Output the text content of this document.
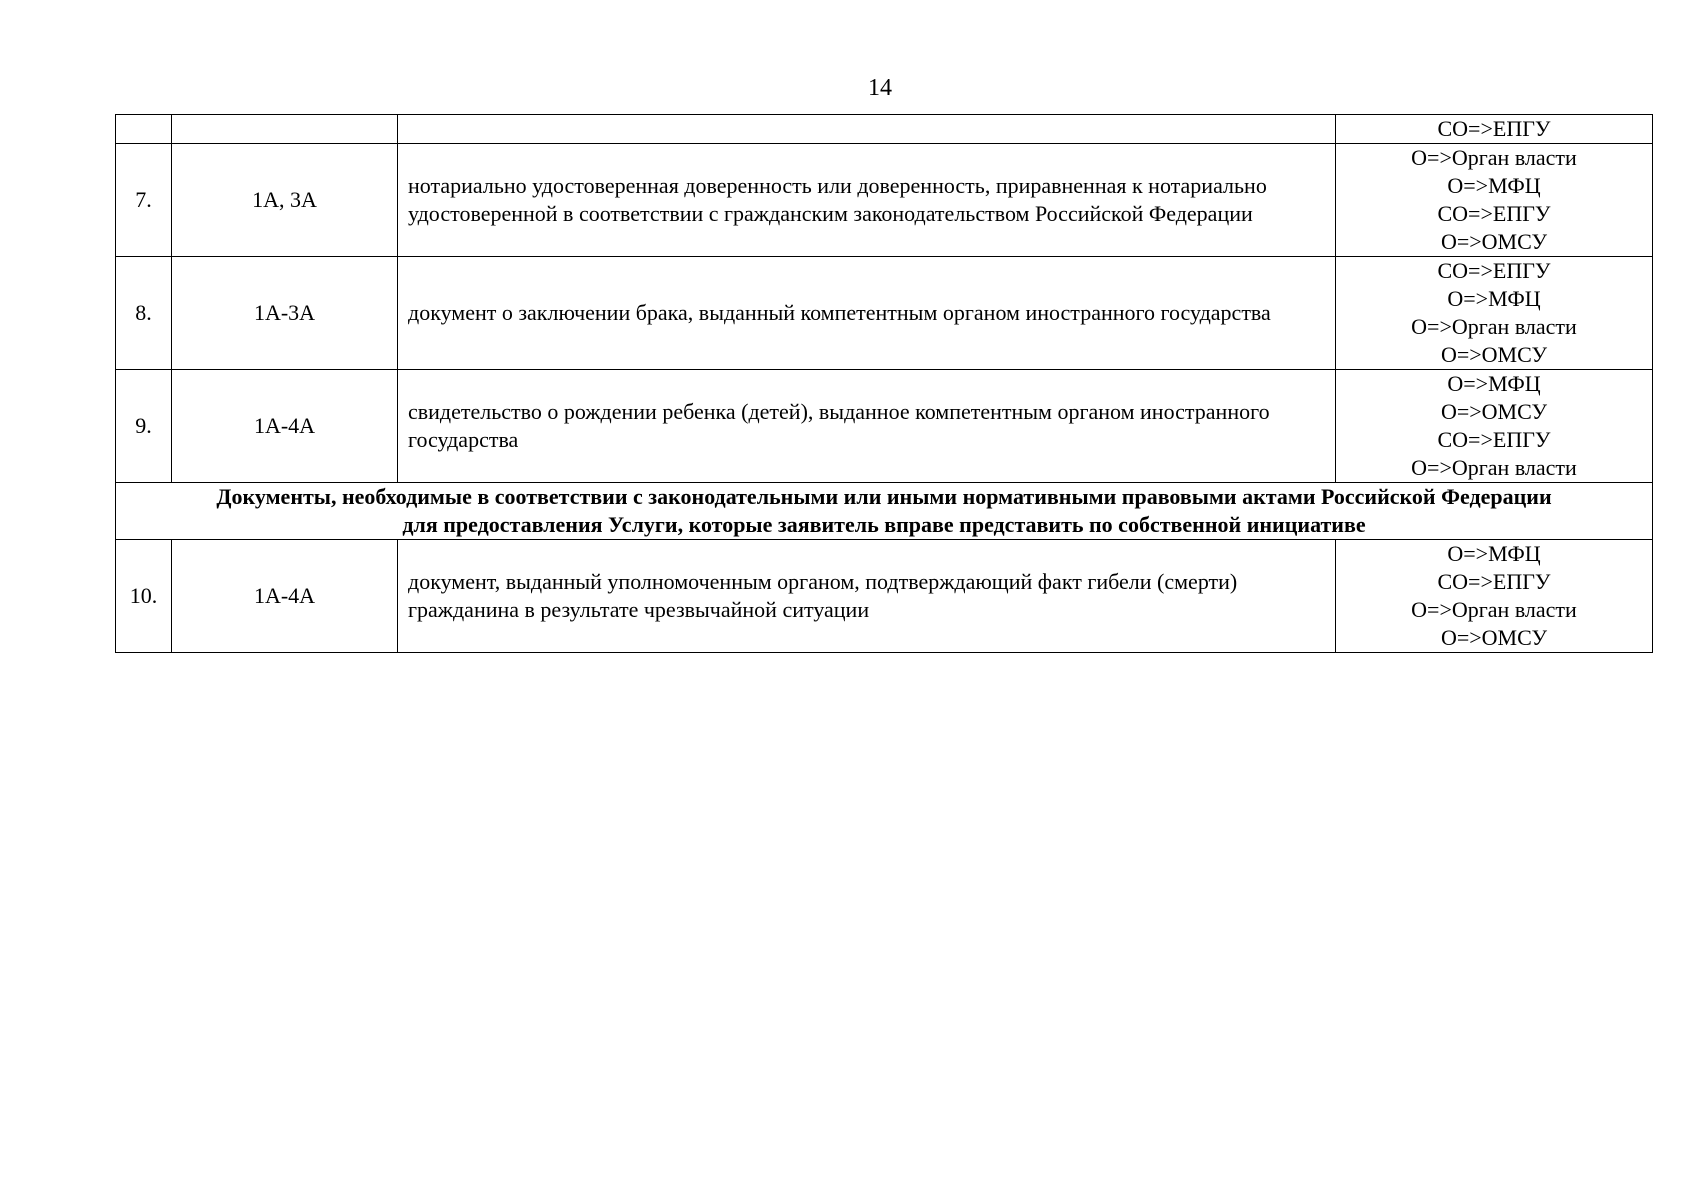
14

			СО=>ЕПГУ

7.	1А, 3А	нотариально удостоверенная доверенность или доверенность, приравненная к нотариально удостоверенной в соответствии с гражданским законодательством Российской Федерации	О=>Орган власти
О=>МФЦ
СО=>ЕПГУ
О=>ОМСУ

8.	1А-3А	документ о заключении брака, выданный компетентным органом иностранного государства	СО=>ЕПГУ
О=>МФЦ
О=>Орган власти
О=>ОМСУ

9.	1А-4А	свидетельство о рождении ребенка (детей), выданное компетентным органом иностранного государства	О=>МФЦ
О=>ОМСУ
СО=>ЕПГУ
О=>Орган власти

Документы, необходимые в соответствии с законодательными или иными нормативными правовыми актами Российской Федерации
для предоставления Услуги, которые заявитель вправе представить по собственной инициативе			

10.	1А-4А	документ, выданный уполномоченным органом, подтверждающий факт гибели (смерти) гражданина в результате чрезвычайной ситуации	О=>МФЦ
СО=>ЕПГУ
О=>Орган власти
О=>ОМСУ
